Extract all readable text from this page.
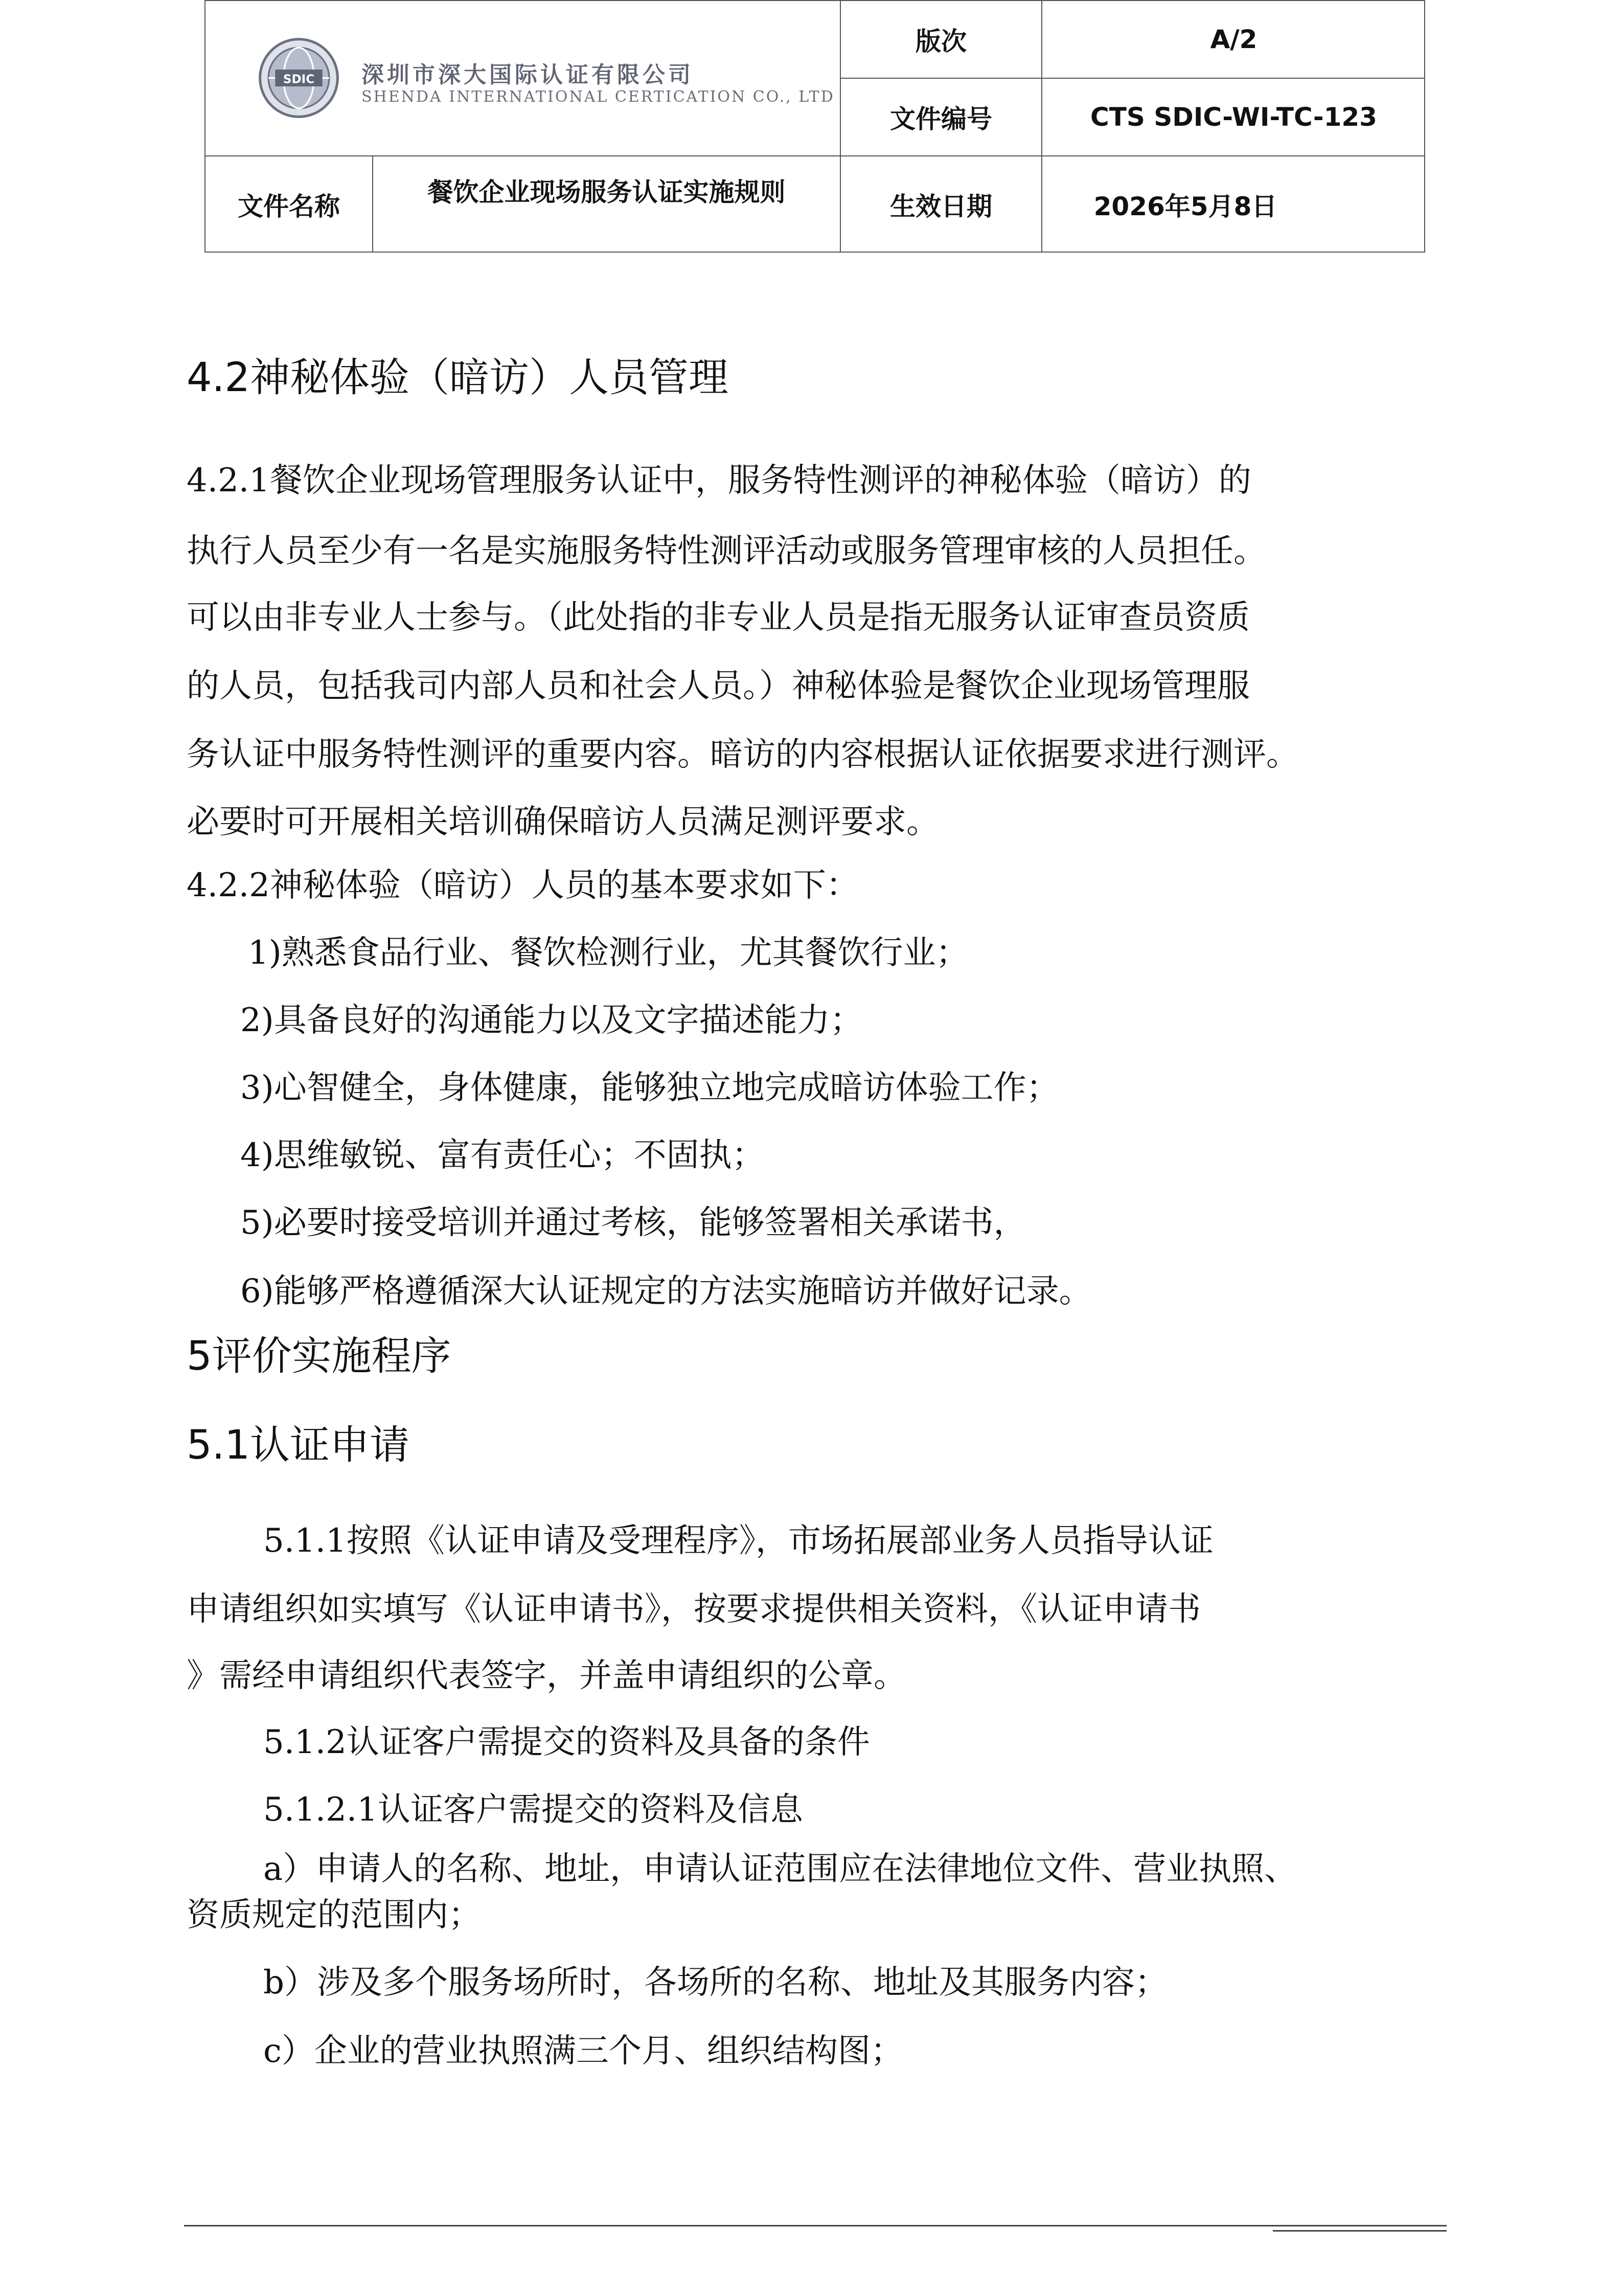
SDIC 深圳市深大国际认证有限公司
SHENDA INTERNATIONAL CERTICATION CO., LTD
版次	A/2
文件编号	CTS SDIC-WI-TC-123
文件名称	餐饮企业现场服务认证实施规则	生效日期	2026年5月8日
4.2神秘体验（暗访）人员管理
4.2.1餐饮企业现场管理服务认证中，服务特性测评的神秘体验（暗访）的
执行人员至少有一名是实施服务特性测评活动或服务管理审核的人员担任。
可以由非专业人士参与。（此处指的非专业人员是指无服务认证审查员资质
的人员，包括我司内部人员和社会人员。）神秘体验是餐饮企业现场管理服
务认证中服务特性测评的重要内容。暗访的内容根据认证依据要求进行测评。
必要时可开展相关培训确保暗访人员满足测评要求。
4.2.2神秘体验（暗访）人员的基本要求如下：
1)熟悉食品行业、餐饮检测行业，尤其餐饮行业；
2)具备良好的沟通能力以及文字描述能力；
3)心智健全，身体健康，能够独立地完成暗访体验工作；
4)思维敏锐、富有责任心；不固执；
5)必要时接受培训并通过考核，能够签署相关承诺书，
6)能够严格遵循深大认证规定的方法实施暗访并做好记录。
5评价实施程序
5.1认证申请
5.1.1按照《认证申请及受理程序》，市场拓展部业务人员指导认证
申请组织如实填写《认证申请书》，按要求提供相关资料，《认证申请书
》需经申请组织代表签字，并盖申请组织的公章。
5.1.2认证客户需提交的资料及具备的条件
5.1.2.1认证客户需提交的资料及信息
a）申请人的名称、地址，申请认证范围应在法律地位文件、营业执照、
资质规定的范围内；
b）涉及多个服务场所时，各场所的名称、地址及其服务内容；
c）企业的营业执照满三个月、组织结构图；
